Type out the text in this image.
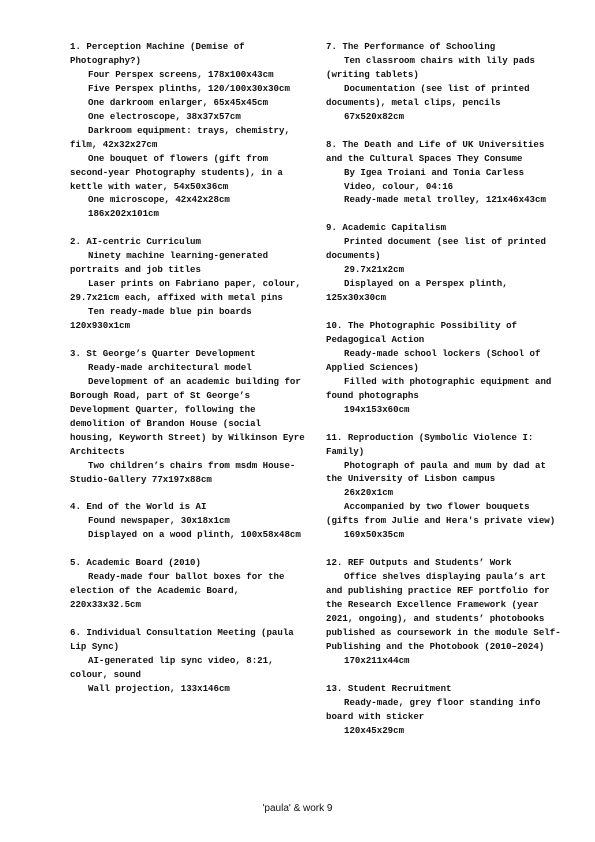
1. Perception Machine (Demise of Photography?)

Four Perspex screens, 178x100x43cm

Five Perspex plinths, 120/100x30x30cm

One darkroom enlarger, 65x45x45cm

One electroscope, 38x37x57cm

Darkroom equipment: trays, chemistry, film, 42x32x27cm

One bouquet of flowers (gift from second-year Photography students), in a kettle with water, 54x50x36cm

One microscope, 42x42x28cm

186x202x101cm

2. AI-centric Curriculum

Ninety machine learning-generated portraits and job titles

Laser prints on Fabriano paper, colour, 29.7x21cm each, affixed with metal pins

Ten ready-made blue pin boards 120x930x1cm

3. St George’s Quarter Development

Ready-made architectural model

Development of an academic building for Borough Road, part of St George’s Development Quarter, following the demolition of Brandon House (social housing, Keyworth Street) by Wilkinson Eyre Architects

Two children’s chairs from msdm House-Studio-Gallery 77x197x88cm

4. End of the World is AI

Found newspaper, 30x18x1cm

Displayed on a wood plinth, 100x58x48cm

5. Academic Board (2010)

Ready-made four ballot boxes for the election of the Academic Board, 220x33x32.5cm

6. Individual Consultation Meeting (paula Lip Sync)

AI-generated lip sync video, 8:21, colour, sound

Wall projection, 133x146cm

7. The Performance of Schooling

Ten classroom chairs with lily pads (writing tablets)

Documentation (see list of printed documents), metal clips, pencils

67x520x82cm

8. The Death and Life of UK Universities and the Cultural Spaces They Consume

By Igea Troiani and Tonia Carless

Video, colour, 04:16

Ready-made metal trolley, 121x46x43cm

9. Academic Capitalism

Printed document (see list of printed documents)

29.7x21x2cm

Displayed on a Perspex plinth, 125x30x30cm

10. The Photographic Possibility of Pedagogical Action

Ready-made school lockers (School of Applied Sciences)

Filled with photographic equipment and found photographs

194x153x60cm

11. Reproduction (Symbolic Violence I: Family)

Photograph of paula and mum by dad at the University of Lisbon campus

26x20x1cm

Accompanied by two flower bouquets (gifts from Julie and Hera's private view)

169x50x35cm

12. REF Outputs and Students’ Work

Office shelves displaying paula’s art and publishing practice REF portfolio for the Research Excellence Framework (year 2021, ongoing), and students’ photobooks published as coursework in the module Self-Publishing and the Photobook (2010–2024)

170x211x44cm

13. Student Recruitment

Ready-made, grey floor standing info board with sticker

120x45x29cm

'paula' & work 9
